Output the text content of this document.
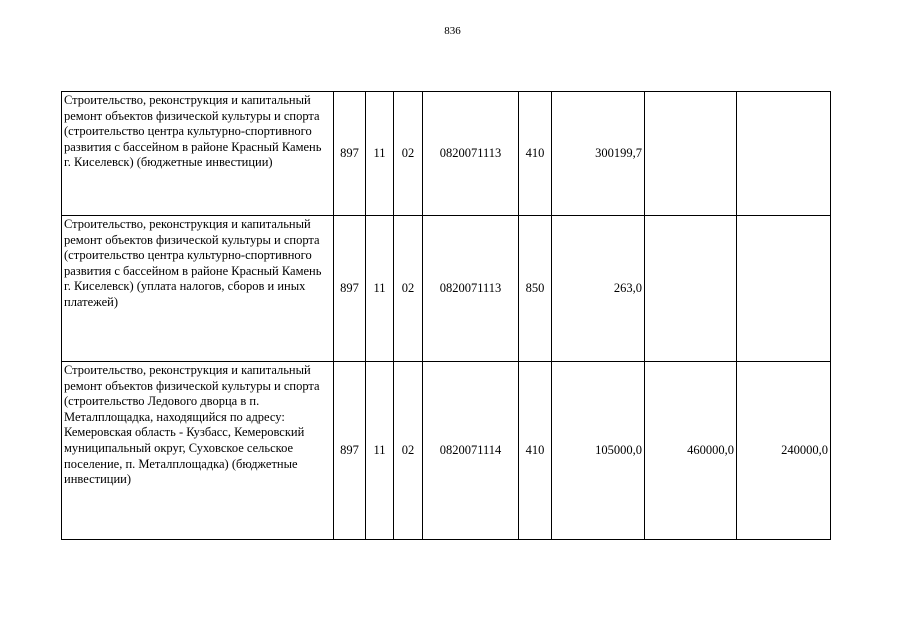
836
Строительство, реконструкция и капитальный ремонт объектов физической культуры и спорта (строительство центра культурно-спортивного развития с бассейном в районе Красный Камень г. Киселевск) (бюджетные инвестиции)	897	11	02	0820071113	410	300199,7		
Строительство, реконструкция и капитальный ремонт объектов физической культуры и спорта (строительство центра культурно-спортивного развития с бассейном в районе Красный Камень г. Киселевск) (уплата налогов, сборов и иных платежей)	897	11	02	0820071113	850	263,0		
Строительство, реконструкция и капитальный ремонт объектов физической культуры и спорта (строительство Ледового дворца в п. Металплощадка, находящийся по адресу: Кемеровская область - Кузбасс, Кемеровский муниципальный округ, Суховское сельское поселение, п. Металплощадка) (бюджетные инвестиции)	897	11	02	0820071114	410	105000,0	460000,0	240000,0
